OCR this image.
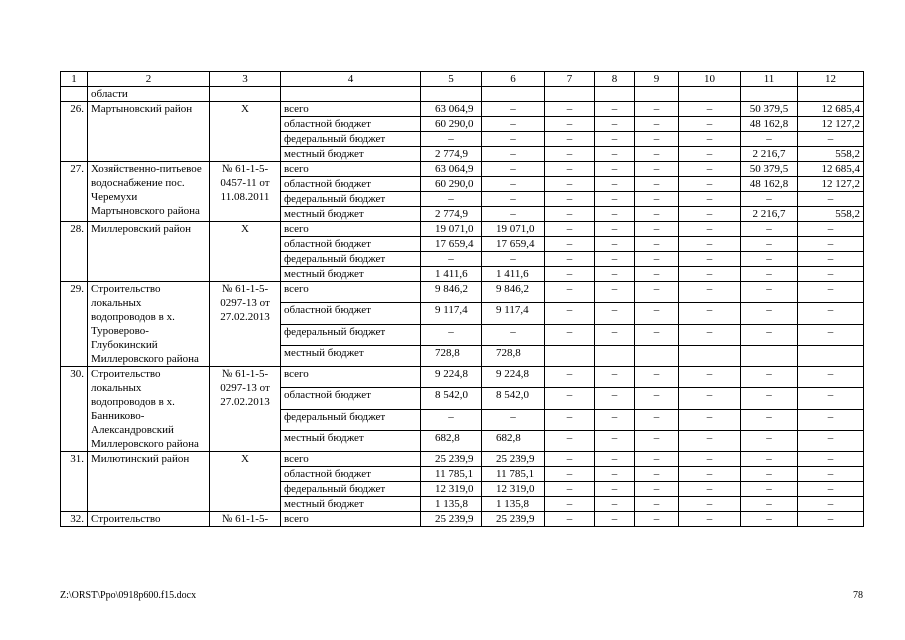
1	2	3	4	5	6	7	8	9	10	11	12
	области										
26.	Мартыновский район	Х	всего	63 064,9	–	–	–	–	–	50 379,5	12 685,4
			областной бюджет	60 290,0	–	–	–	–	–	48 162,8	12 127,2
			федеральный бюджет	–	–	–	–	–	–	–	–
			местный бюджет	2 774,9	–	–	–	–	–	2 216,7	558,2
27.	Хозяйственно-питьевое водоснабжение пос. Черемухи Мартыновского района	№ 61-1-5-0457-11 от 11.08.2011	всего	63 064,9	–	–	–	–	–	50 379,5	12 685,4
			областной бюджет	60 290,0	–	–	–	–	–	48 162,8	12 127,2
			федеральный бюджет	–	–	–	–	–	–	–	–
			местный бюджет	2 774,9	–	–	–	–	–	2 216,7	558,2
28.	Миллеровский район	Х	всего	19 071,0	19 071,0	–	–	–	–	–	–
			областной бюджет	17 659,4	17 659,4	–	–	–	–	–	–
			федеральный бюджет	–	–	–	–	–	–	–	–
			местный бюджет	1 411,6	1 411,6	–	–	–	–	–	–
29.	Строительство локальных водопроводов в х. Туроверово-Глубокинский Миллеровского района	№ 61-1-5-0297-13 от 27.02.2013	всего	9 846,2	9 846,2	–	–	–	–	–	–
			областной бюджет	9 117,4	9 117,4	–	–	–	–	–	–
			федеральный бюджет	–	–	–	–	–	–	–	–
			местный бюджет	728,8	728,8						
30.	Строительство локальных водопроводов в х. Банниково-Александровский Миллеровского района	№ 61-1-5-0297-13 от 27.02.2013	всего	9 224,8	9 224,8	–	–	–	–	–	–
			областной бюджет	8 542,0	8 542,0	–	–	–	–	–	–
			федеральный бюджет	–	–	–	–	–	–	–	–
			местный бюджет	682,8	682,8	–	–	–	–	–	–
31.	Милютинский район	Х	всего	25 239,9	25 239,9	–	–	–	–	–	–
			областной бюджет	11 785,1	11 785,1	–	–	–	–	–	–
			федеральный бюджет	12 319,0	12 319,0	–	–	–	–	–	–
			местный бюджет	1 135,8	1 135,8	–	–	–	–	–	–
32.	Строительство	№ 61-1-5-	всего	25 239,9	25 239,9	–	–	–	–	–	–
Z:\ORST\Ppo\0918p600.f15.docx	78
